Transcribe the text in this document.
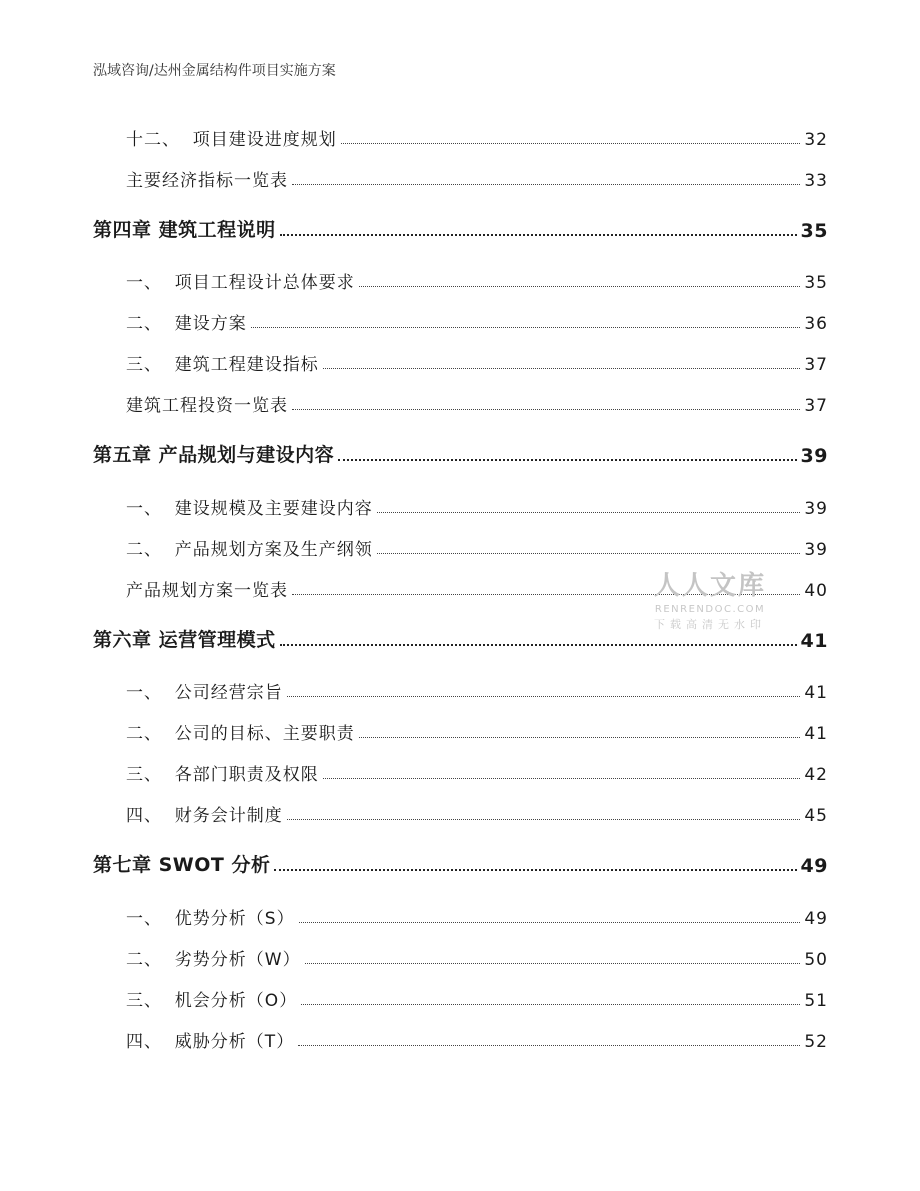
泓域咨询/达州金属结构件项目实施方案
十二、  项目建设进度规划	32
主要经济指标一览表	33
第四章 建筑工程说明	35
一、  项目工程设计总体要求	35
二、  建设方案	36
三、  建筑工程建设指标	37
建筑工程投资一览表	37
第五章 产品规划与建设内容	39
一、  建设规模及主要建设内容	39
二、  产品规划方案及生产纲领	39
产品规划方案一览表	40
第六章 运营管理模式	41
一、  公司经营宗旨	41
二、  公司的目标、主要职责	41
三、  各部门职责及权限	42
四、  财务会计制度	45
第七章 SWOT 分析	49
一、  优势分析（S）	49
二、  劣势分析（W）	50
三、  机会分析（O）	51
四、  威胁分析（T）	52
人人文库
RENRENDOC.COM
下载高清无水印
